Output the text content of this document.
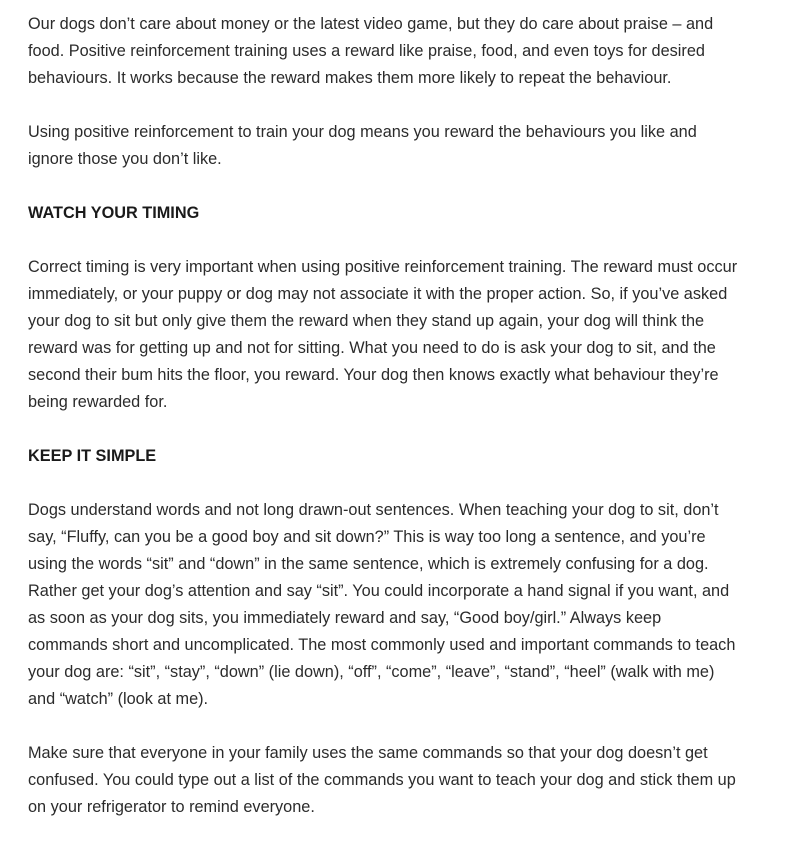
Our dogs don’t care about money or the latest video game, but they do care about praise – and food. Positive reinforcement training uses a reward like praise, food, and even toys for desired behaviours. It works because the reward makes them more likely to repeat the behaviour.

Using positive reinforcement to train your dog means you reward the behaviours you like and ignore those you don’t like.

WATCH YOUR TIMING

Correct timing is very important when using positive reinforcement training. The reward must occur immediately, or your puppy or dog may not associate it with the proper action. So, if you’ve asked your dog to sit but only give them the reward when they stand up again, your dog will think the reward was for getting up and not for sitting. What you need to do is ask your dog to sit, and the second their bum hits the floor, you reward. Your dog then knows exactly what behaviour they’re being rewarded for.

KEEP IT SIMPLE

Dogs understand words and not long drawn-out sentences. When teaching your dog to sit, don’t say, “Fluffy, can you be a good boy and sit down?” This is way too long a sentence, and you’re using the words “sit” and “down” in the same sentence, which is extremely confusing for a dog. Rather get your dog’s attention and say “sit”. You could incorporate a hand signal if you want, and as soon as your dog sits, you immediately reward and say, “Good boy/girl.” Always keep commands short and uncomplicated. The most commonly used and important commands to teach your dog are: “sit”, “stay”, “down” (lie down), “off”, “come”, “leave”, “stand”, “heel” (walk with me) and “watch” (look at me).

Make sure that everyone in your family uses the same commands so that your dog doesn’t get confused. You could type out a list of the commands you want to teach your dog and stick them up on your refrigerator to remind everyone.
